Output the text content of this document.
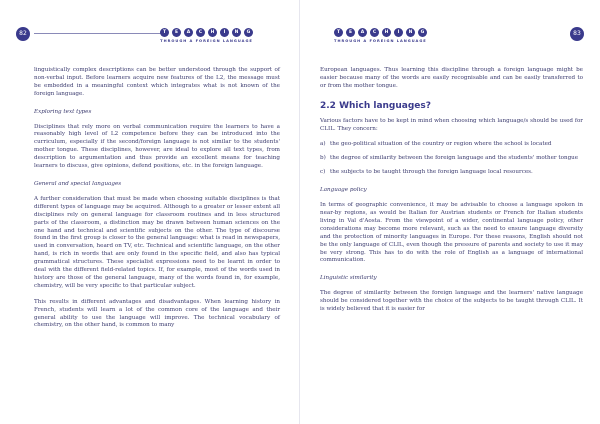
82	T	E	A	C	H	I	N	G
THROUGH A FOREIGN LANGUAGE

linguistically complex descriptions can be better understood through the support of non-verbal input. Before learners acquire new features of the L2, the message must be embedded in a meaningful context which integrates what is not known of the foreign language.

Exploring text types

Disciplines that rely more on verbal communication require the learners to have a reasonably high level of L2 competence before they can be introduced into the curriculum, especially if the second/foreign language is not similar to the students' mother tongue. These disciplines, however, are ideal to explore all text types, from description to argumentation and thus provide an excellent means for teaching learners to discuss, give opinions, defend positions, etc. in the foreign language.

General and special languages

A further consideration that must be made when choosing suitable disciplines is that different types of language may be acquired. Although to a greater or lesser extent all disciplines rely on general language for classroom routines and in less structured parts of the classroom, a distinction may be drawn between human sciences on the one hand and technical and scientific subjects on the other. The type of discourse found in the first group is closer to the general language: what is read in newspapers, used in conversation, heard on TV, etc. Technical and scientific language, on the other hand, is rich in words that are only found in the specific field, and also has typical grammatical structures. These specialist expressions need to be learnt in order to deal with the different field-related topics. If, for example, most of the words used in history are those of the general language, many of the words found in, for example, chemistry, will be very specific to that particular subject.

This results in different advantages and disadvantages. When learning history in French, students will learn a lot of the common core of the language and their general ability to use the language will improve. The technical vocabulary of chemistry, on the other hand, is common to many

83
T	E	A	C	H	I	N	G
THROUGH A FOREIGN LANGUAGE

European languages. Thus learning this discipline through a foreign language might be easier because many of the words are easily recognisable and can be easily transferred to or from the mother tongue.

2.2 Which languages?

Various factors have to be kept in mind when choosing which language/s should be used for CLIL. They concern:

a) the geo-political situation of the country or region where the school is located
b) the degree of similarity between the foreign language and the students' mother tongue
c) the subjects to be taught through the foreign language local resources.
Language policy

In terms of geographic convenience, it may be advisable to choose a language spoken in near-by regions, as would be Italian for Austrian students or French for Italian students living in Val d'Aosta. From the viewpoint of a wider, continental language policy, other considerations may become more relevant, such as the need to ensure language diversity and the protection of minority languages in Europe. For these reasons, English should not be the only language of CLIL, even though the pressure of parents and society to use it may be very strong. This has to do with the role of English as a language of international communication.

Linguistic similarity

The degree of similarity between the foreign language and the learners' native language should be considered together with the choice of the subjects to be taught through CLIL. It is widely believed that it is easier for
